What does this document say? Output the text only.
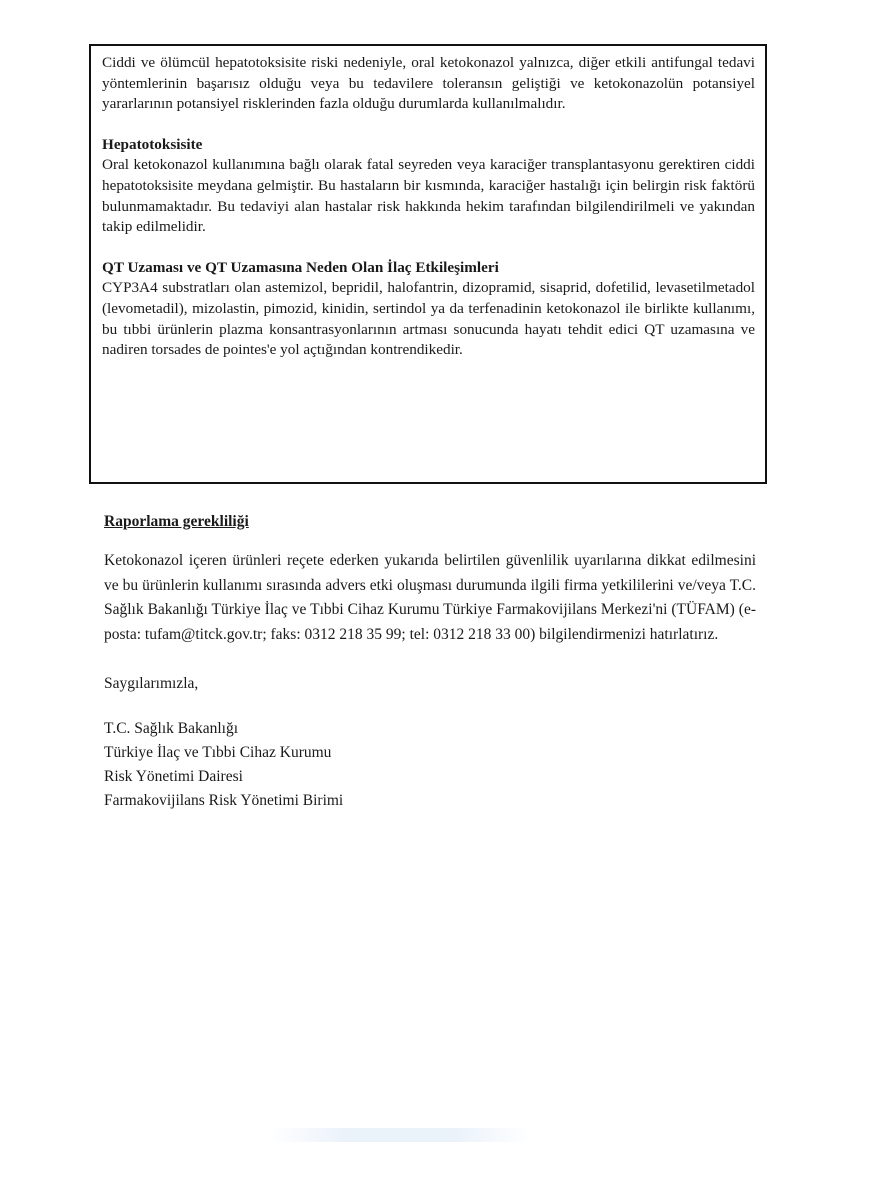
Ciddi ve ölümcül hepatotoksisite riski nedeniyle, oral ketokonazol yalnızca, diğer etkili antifungal tedavi yöntemlerinin başarısız olduğu veya bu tedavilere toleransın geliştiği ve ketokonazolün potansiyel yararlarının potansiyel risklerinden fazla olduğu durumlarda kullanılmalıdır.

Hepatotoksisite

Oral ketokonazol kullanımına bağlı olarak fatal seyreden veya karaciğer transplantasyonu gerektiren ciddi hepatotoksisite meydana gelmiştir. Bu hastaların bir kısmında, karaciğer hastalığı için belirgin risk faktörü bulunmamaktadır. Bu tedaviyi alan hastalar risk hakkında hekim tarafından bilgilendirilmeli ve yakından takip edilmelidir.

QT Uzaması ve QT Uzamasına Neden Olan İlaç Etkileşimleri

CYP3A4 substratları olan astemizol, bepridil, halofantrin, dizopramid, sisaprid, dofetilid, levasetilmetadol (levometadil), mizolastin, pimozid, kinidin, sertindol ya da terfenadinin ketokonazol ile birlikte kullanımı, bu tıbbi ürünlerin plazma konsantrasyonlarının artması sonucunda hayatı tehdit edici QT uzamasına ve nadiren torsades de pointes'e yol açtığından kontrendikedir.

Raporlama gerekliliği

Ketokonazol içeren ürünleri reçete ederken yukarıda belirtilen güvenlilik uyarılarına dikkat edilmesini ve bu ürünlerin kullanımı sırasında advers etki oluşması durumunda ilgili firma yetkililerini ve/veya T.C. Sağlık Bakanlığı Türkiye İlaç ve Tıbbi Cihaz Kurumu Türkiye Farmakovijilans Merkezi'ni (TÜFAM) (e-posta: tufam@titck.gov.tr; faks: 0312 218 35 99; tel: 0312 218 33 00) bilgilendirmenizi hatırlatırız.

Saygılarımızla,

T.C. Sağlık Bakanlığı

Türkiye İlaç ve Tıbbi Cihaz Kurumu

Risk Yönetimi Dairesi

Farmakovijilans Risk Yönetimi Birimi
